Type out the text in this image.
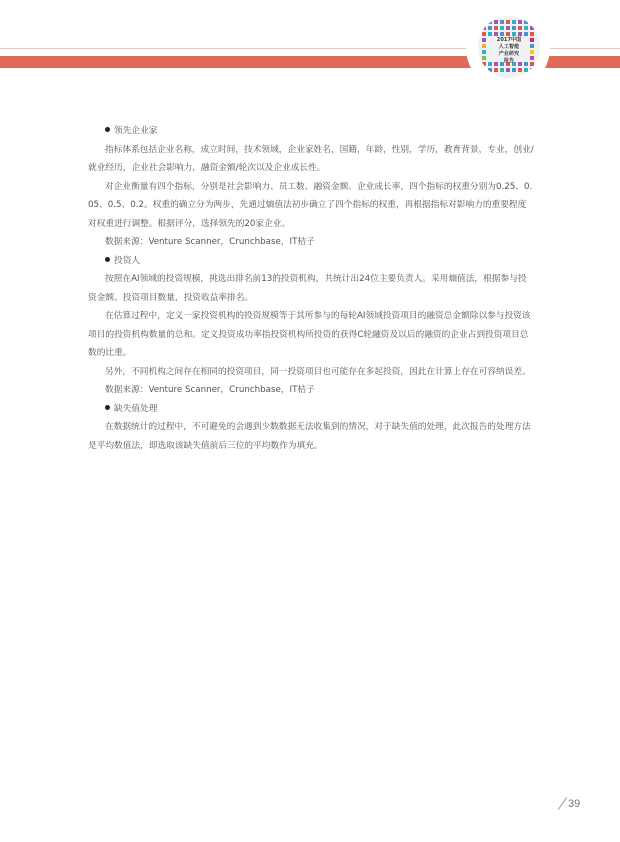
2017中国
人工智能
产业研究
报告

领先企业家

指标体系包括企业名称，成立时间，技术领域，企业家姓名，国籍，年龄，性别，学历，教育背景，专业，创业/就业经历，企业社会影响力，融资金额/轮次以及企业成长性。

对企业衡量有四个指标，分别是社会影响力、员工数、融资金额、企业成长率，四个指标的权重分别为0.25、0.05、0.5、0.2。权重的确立分为两步，先通过熵值法初步确立了四个指标的权重，再根据指标对影响力的重要程度对权重进行调整。根据评分，选择领先的20家企业。

数据来源：Venture Scanner，Crunchbase，IT桔子

投资人

按照在AI领域的投资规模，挑选出排名前13的投资机构，共统计出24位主要负责人。采用熵值法，根据参与投资金额、投资项目数量，投资收益率排名。

在估算过程中，定义一家投资机构的投资规模等于其所参与的每轮AI领域投资项目的融资总金额除以参与投资该项目的投资机构数量的总和。定义投资成功率指投资机构所投资的获得C轮融资及以后的融资的企业占到投资项目总数的比重。

另外，不同机构之间存在相同的投资项目，同一投资项目也可能存在多起投资，因此在计算上存在可容纳误差。

数据来源：Venture Scanner，Crunchbase，IT桔子

缺失值处理

在数据统计的过程中，不可避免的会遇到少数数据无法收集到的情况，对于缺失值的处理，此次报告的处理方法是平均数值法，即选取该缺失值前后三位的平均数作为填充。

39
